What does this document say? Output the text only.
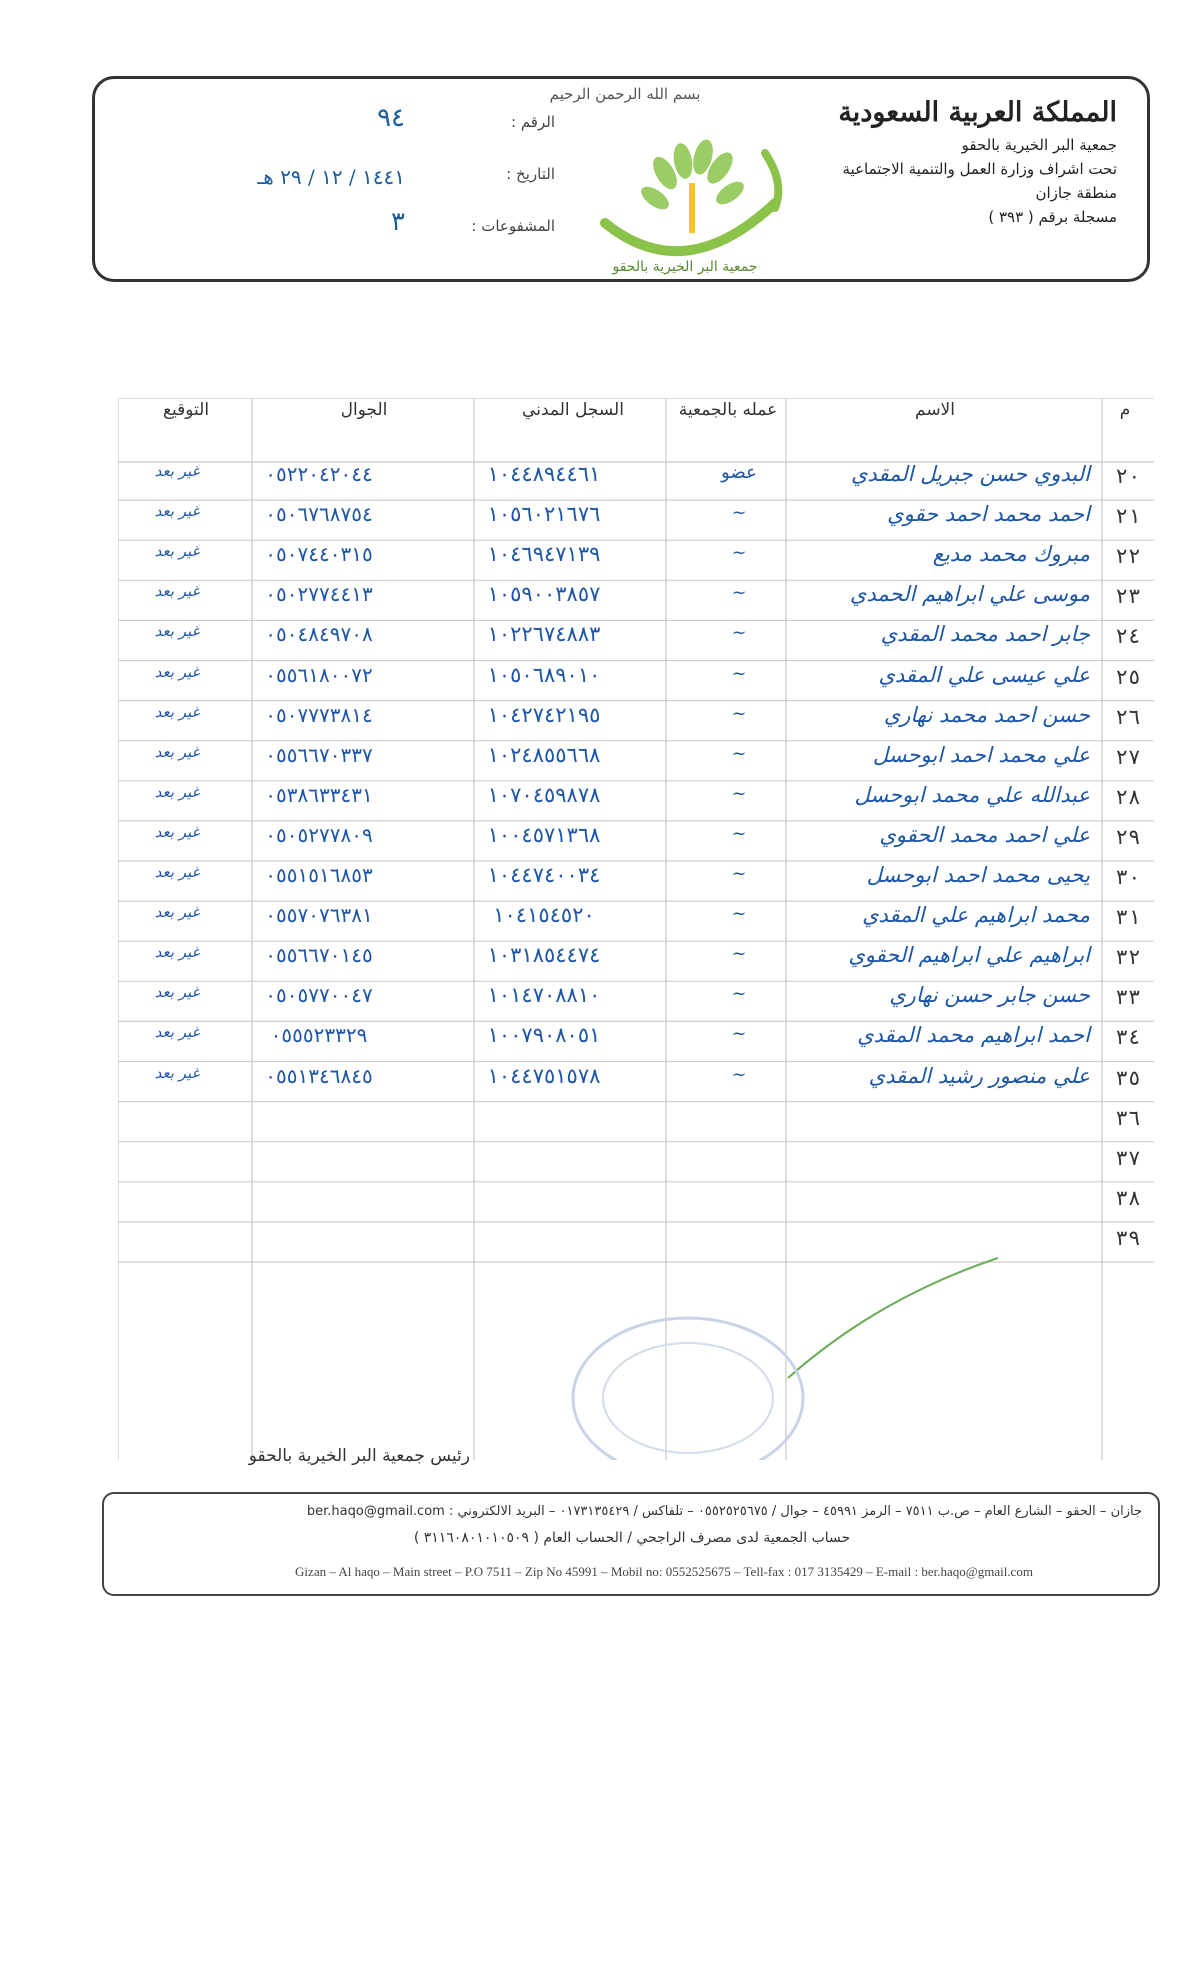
المملكة العربية السعودية
جمعية البر الخيرية بالحقو
تحت اشراف وزارة العمل والتنمية الاجتماعية
منطقة جازان
مسجلة برقم ( ٣٩٣ )
بسم الله الرحمن الرحيم
جمعية البر الخيرية بالحقو
الرقم :
٩٤
التاريخ :
١٤٤١ / ١٢ / ٢٩ هـ
المشفوعات :
٣
م
الاسم
عمله بالجمعية
السجل المدني
الجوال
التوقيع
٢٠
البدوي حسن جبريل المقدي
عضو
١٠٤٤٨٩٤٤٦١
٠٥٢٢٠٤٢٠٤٤
غير بعد
٢١
احمد محمد احمد حقوي
~
١٠٥٦٠٢١٦٧٦
٠٥٠٦٧٦٨٧٥٤
غير بعد
٢٢
مبروك محمد مديع
~
١٠٤٦٩٤٧١٣٩
٠٥٠٧٤٤٠٣١٥
غير بعد
٢٣
موسى علي ابراهيم الحمدي
~
١٠٥٩٠٠٣٨٥٧
٠٥٠٢٧٧٤٤١٣
غير بعد
٢٤
جابر احمد محمد المقدي
~
١٠٢٢٦٧٤٨٨٣
٠٥٠٤٨٤٩٧٠٨
غير بعد
٢٥
علي عيسى علي المقدي
~
١٠٥٠٦٨٩٠١٠
٠٥٥٦١٨٠٠٧٢
غير بعد
٢٦
حسن احمد محمد نهاري
~
١٠٤٢٧٤٢١٩٥
٠٥٠٧٧٧٣٨١٤
غير بعد
٢٧
علي محمد احمد ابوحسل
~
١٠٢٤٨٥٥٦٦٨
٠٥٥٦٦٧٠٣٣٧
غير بعد
٢٨
عبدالله علي محمد ابوحسل
~
١٠٧٠٤٥٩٨٧٨
٠٥٣٨٦٣٣٤٣١
غير بعد
٢٩
علي احمد محمد الحقوي
~
١٠٠٤٥٧١٣٦٨
٠٥٠٥٢٧٧٨٠٩
غير بعد
٣٠
يحيى محمد احمد ابوحسل
~
١٠٤٤٧٤٠٠٣٤
٠٥٥١٥١٦٨٥٣
غير بعد
٣١
محمد ابراهيم علي المقدي
~
١٠٤١٥٤٥٢٠
٠٥٥٧٠٧٦٣٨١
غير بعد
٣٢
ابراهيم علي ابراهيم الحقوي
~
١٠٣١٨٥٤٤٧٤
٠٥٥٦٦٧٠١٤٥
غير بعد
٣٣
حسن جابر حسن نهاري
~
١٠١٤٧٠٨٨١٠
٠٥٠٥٧٧٠٠٤٧
غير بعد
٣٤
احمد ابراهيم محمد المقدي
~
١٠٠٧٩٠٨٠٥١
٠٥٥٥٢٣٣٢٩
غير بعد
٣٥
علي منصور رشيد المقدي
~
١٠٤٤٧٥١٥٧٨
٠٥٥١٣٤٦٨٤٥
غير بعد
٣٦
٣٧
٣٨
٣٩
رئيس جمعية البر الخيرية بالحقو
جازان – الحقو – الشارع العام – ص.ب ٧٥١١ – الرمز ٤٥٩٩١ – جوال / ٠٥٥٢٥٢٥٦٧٥ – تلفاكس / ٠١٧٣١٣٥٤٢٩ – البريد الالكتروني : ber.haqo@gmail.com
حساب الجمعية لدى مصرف الراجحي / الحساب العام ( ٣١١٦٠٨٠١٠١٠٥٠٩ )
Gizan – Al haqo – Main street – P.O 7511 – Zip No 45991 – Mobil no: 0552525675 – Tell-fax : 017 3135429 – E-mail : ber.haqo@gmail.com
